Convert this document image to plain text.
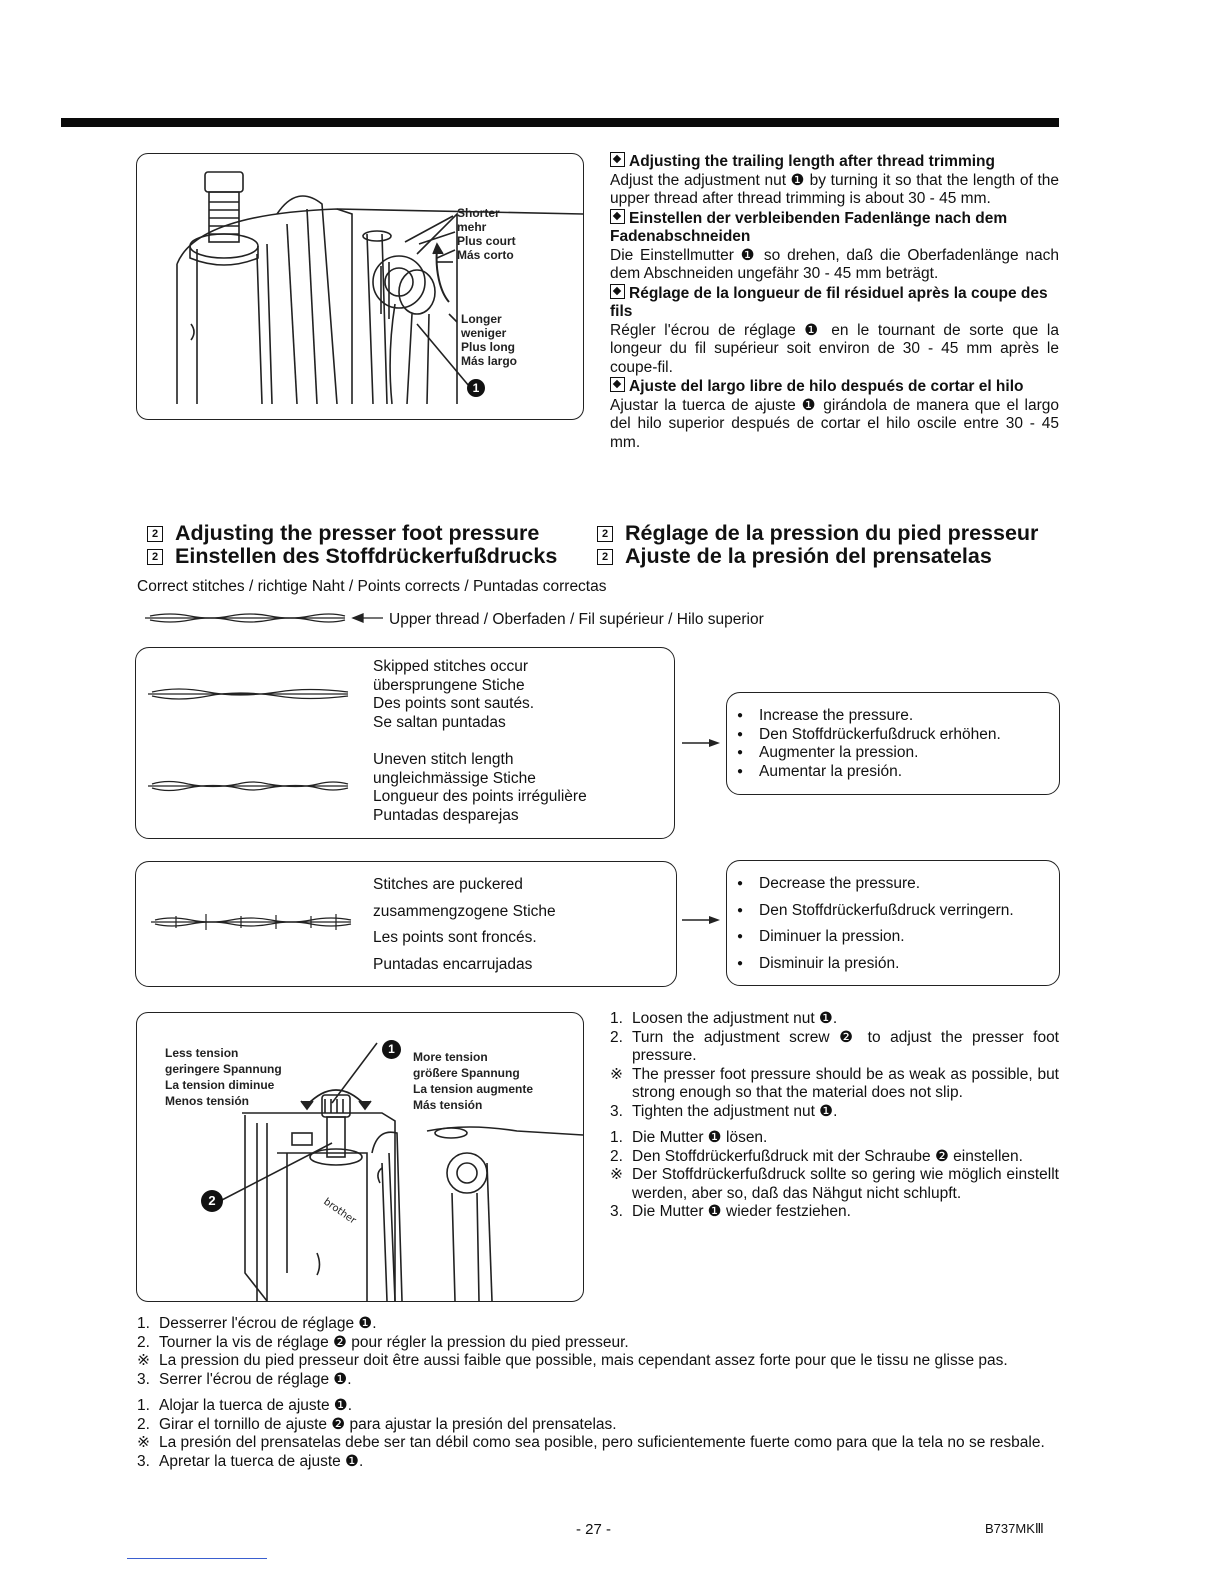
Shorter
mehr
Plus court
Más corto
Longer
weniger
Plus long
Más largo
1

Adjusting the trailing length after thread trimming

Adjust the adjustment nut ❶ by turning it so that the length of the upper thread after thread trimming is about 30 - 45 mm.

Einstellen der verbleibenden Fadenlänge nach dem Fadenabschneiden

Die Einstellmutter ❶ so drehen, daß die Oberfadenlänge nach dem Abschneiden ungefähr 30 - 45 mm beträgt.

Réglage de la longueur de fil résiduel après la coupe des fils

Régler l'écrou de réglage ❶ en le tournant de sorte que la longeur du fil supérieur soit environ de 30 - 45 mm après le coupe-fil.

Ajuste del largo libre de hilo después de cortar el hilo

Ajustar la tuerca de ajuste ❶ girándola de manera que el largo del hilo superior después de cortar el hilo oscile entre 30 - 45 mm.

2 Adjusting the presser foot pressure
2 Einstellen des Stoffdrückerfußdrucks
2 Réglage de la pression du pied presseur
2 Ajuste de la presión del prensatelas
Correct stitches / richtige Naht / Points corrects / Puntadas correctas
Upper thread / Oberfaden / Fil supérieur / Hilo superior
Skipped stitches occur
übersprungene Stiche
Des points sont sautés.
Se saltan puntadas
Uneven stitch length
ungleichmässige Stiche
Longueur des points irrégulière
Puntadas desparejas
● Increase the pressure.
● Den Stoffdrückerfußdruck erhöhen.
● Augmenter la pression.
● Aumentar la presión.
Stitches are puckered
zusammengzogene Stiche
Les points sont froncés.
Puntadas encarrujadas
● Decrease the pressure.
● Den Stoffdrückerfußdruck verringern.
● Diminuer la pression.
● Disminuir la presión.
brother
Less tension
geringere Spannung
La tension diminue
Menos tensión
More tension
größere Spannung
La tension augmente
Más tensión
1
2
1. Loosen the adjustment nut ❶.
2. Turn the adjustment screw ❷ to adjust the presser foot pressure.
※ The presser foot pressure should be as weak as possible, but strong enough so that the material does not slip.
3. Tighten the adjustment nut ❶.
1. Die Mutter ❶ lösen.
2. Den Stoffdrückerfußdruck mit der Schraube ❷ einstellen.
※ Der Stoffdrückerfußdruck sollte so gering wie möglich einstellt werden, aber so, daß das Nähgut nicht schlupft.
3. Die Mutter ❶ wieder festziehen.
1. Desserrer l'écrou de réglage ❶.
2. Tourner la vis de réglage ❷ pour régler la pression du pied presseur.
※ La pression du pied presseur doit être aussi faible que possible, mais cependant assez forte pour que le tissu ne glisse pas.
3. Serrer l'écrou de réglage ❶.
1. Alojar la tuerca de ajuste ❶.
2. Girar el tornillo de ajuste ❷ para ajustar la presión del prensatelas.
※ La presión del prensatelas debe ser tan débil como sea posible, pero suficientemente fuerte como para que la tela no se resbale.
3. Apretar la tuerca de ajuste ❶.
- 27 -	B737MKⅢ
